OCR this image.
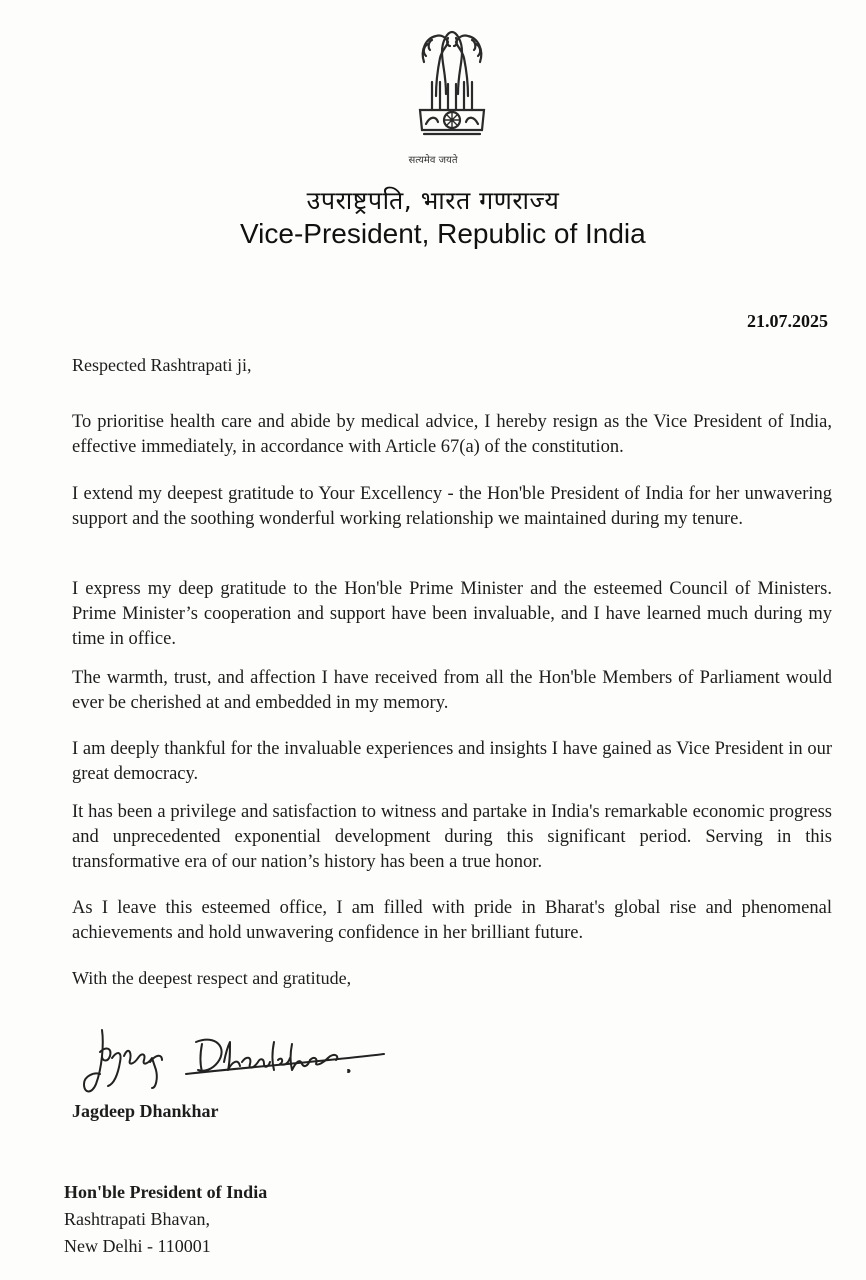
सत्यमेव जयते
उपराष्ट्रपति, भारत गणराज्य
Vice-President, Republic of India
21.07.2025
Respected Rashtrapati ji,
To prioritise health care and abide by medical advice, I hereby resign as the Vice President of India, effective immediately, in accordance with Article 67(a) of the constitution.
I extend my deepest gratitude to Your Excellency - the Hon'ble President of India for her unwavering support and the soothing wonderful working relationship we maintained during my tenure.
I express my deep gratitude to the Hon'ble Prime Minister and the esteemed Council of Ministers. Prime Minister’s cooperation and support have been invaluable, and I have learned much during my time in office.
The warmth, trust, and affection I have received from all the Hon'ble Members of Parliament would ever be cherished at and embedded in my memory.
I am deeply thankful for the invaluable experiences and insights I have gained as Vice President in our great democracy.
It has been a privilege and satisfaction to witness and partake in India's remarkable economic progress and unprecedented exponential development during this significant period. Serving in this transformative era of our nation’s history has been a true honor.
As I leave this esteemed office, I am filled with pride in Bharat's global rise and phenomenal achievements and hold unwavering confidence in her brilliant future.
With the deepest respect and gratitude,
Jagdeep Dhankhar
Hon'ble President of India
Rashtrapati Bhavan,
New Delhi - 110001
